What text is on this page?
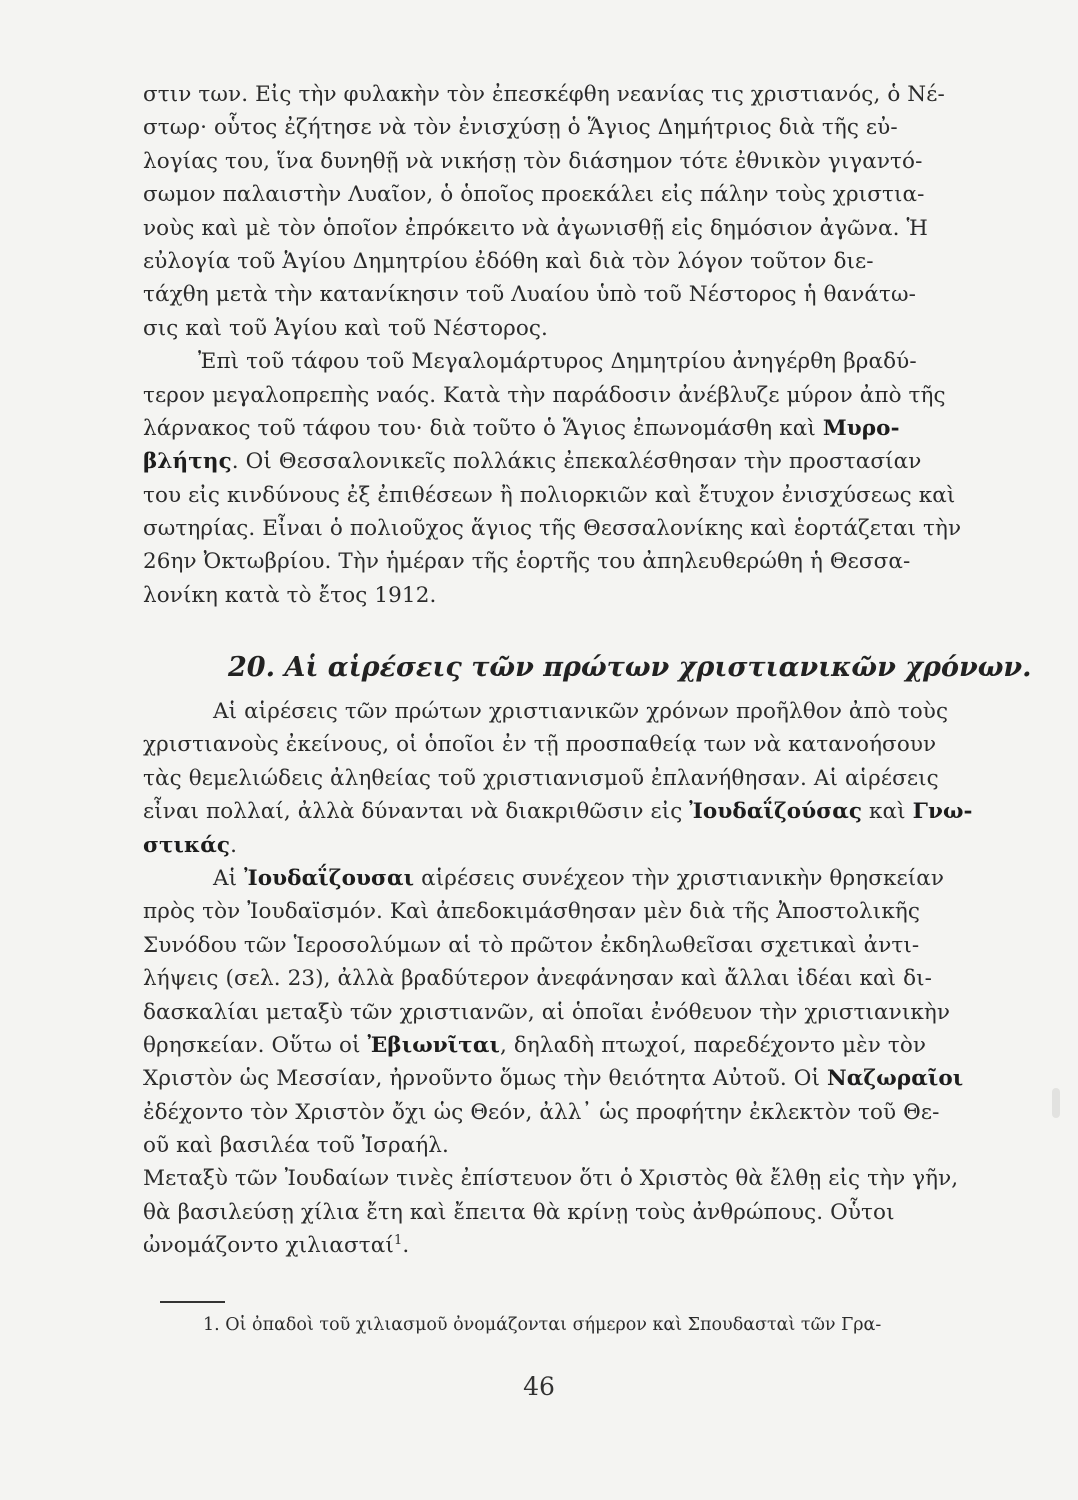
στιν των. Εἰς τὴν φυλακὴν τὸν ἐπεσκέφθη νεανίας τις χριστιανός, ὁ Νέ-
στωρ· οὗτος ἐζήτησε νὰ τὸν ἐνισχύσῃ ὁ Ἅγιος Δημήτριος διὰ τῆς εὐ-
λογίας του, ἵνα δυνηθῇ νὰ νικήσῃ τὸν διάσημον τότε ἐθνικὸν γιγαντό-
σωμον παλαιστὴν Λυαῖον, ὁ ὁποῖος προεκάλει εἰς πάλην τοὺς χριστια-
νοὺς καὶ μὲ τὸν ὁποῖον ἐπρόκειτο νὰ ἀγωνισθῇ εἰς δημόσιον ἀγῶνα. Ἡ
εὐλογία τοῦ Ἁγίου Δημητρίου ἐδόθη καὶ διὰ τὸν λόγον τοῦτον διε-
τάχθη μετὰ τὴν κατανίκησιν τοῦ Λυαίου ὑπὸ τοῦ Νέστορος ἡ θανάτω-
σις καὶ τοῦ Ἁγίου καὶ τοῦ Νέστορος.
Ἐπὶ τοῦ τάφου τοῦ Μεγαλομάρτυρος Δημητρίου ἀνηγέρθη βραδύ-
τερον μεγαλοπρεπὴς ναός. Κατὰ τὴν παράδοσιν ἀνέβλυζε μύρον ἀπὸ τῆς
λάρνακος τοῦ τάφου του· διὰ τοῦτο ὁ Ἅγιος ἐπωνομάσθη καὶ Μυρο-
βλήτης. Οἱ Θεσσαλονικεῖς πολλάκις ἐπεκαλέσθησαν τὴν προστασίαν
του εἰς κινδύνους ἐξ ἐπιθέσεων ἢ πολιορκιῶν καὶ ἔτυχον ἐνισχύσεως καὶ
σωτηρίας. Εἶναι ὁ πολιοῦχος ἅγιος τῆς Θεσσαλονίκης καὶ ἑορτάζεται τὴν
26ην Ὀκτωβρίου. Τὴν ἡμέραν τῆς ἑορτῆς του ἀπηλευθερώθη ἡ Θεσσα-
λονίκη κατὰ τὸ ἔτος 1912.
20. Αἱ αἱρέσεις τῶν πρώτων χριστιανικῶν χρόνων.
Αἱ αἱρέσεις τῶν πρώτων χριστιανικῶν χρόνων προῆλθον ἀπὸ τοὺς
χριστιανοὺς ἐκείνους, οἱ ὁποῖοι ἐν τῇ προσπαθείᾳ των νὰ κατανοήσουν
τὰς θεμελιώδεις ἀληθείας τοῦ χριστιανισμοῦ ἐπλανήθησαν. Αἱ αἱρέσεις
εἶναι πολλαί, ἀλλὰ δύνανται νὰ διακριθῶσιν εἰς Ἰουδαΐζούσας καὶ Γνω-
στικάς.
Αἱ Ἰουδαΐζουσαι αἱρέσεις συνέχεον τὴν χριστιανικὴν θρησκείαν
πρὸς τὸν Ἰουδαϊσμόν. Καὶ ἀπεδοκιμάσθησαν μὲν διὰ τῆς Ἀποστολικῆς
Συνόδου τῶν Ἱεροσολύμων αἱ τὸ πρῶτον ἐκδηλωθεῖσαι σχετικαὶ ἀντι-
λήψεις (σελ. 23), ἀλλὰ βραδύτερον ἀνεφάνησαν καὶ ἄλλαι ἰδέαι καὶ δι-
δασκαλίαι μεταξὺ τῶν χριστιανῶν, αἱ ὁποῖαι ἐνόθευον τὴν χριστιανικὴν
θρησκείαν. Οὕτω οἱ Ἐβιωνῖται, δηλαδὴ πτωχοί, παρεδέχοντο μὲν τὸν
Χριστὸν ὡς Μεσσίαν, ἠρνοῦντο ὅμως τὴν θειότητα Αὐτοῦ. Οἱ Ναζωραῖοι
ἐδέχοντο τὸν Χριστὸν ὄχι ὡς Θεόν, ἀλλ᾽ ὡς προφήτην ἐκλεκτὸν τοῦ Θε-
οῦ καὶ βασιλέα τοῦ Ἰσραήλ.
Μεταξὺ τῶν Ἰουδαίων τινὲς ἐπίστευον ὅτι ὁ Χριστὸς θὰ ἔλθῃ εἰς τὴν γῆν,
θὰ βασιλεύσῃ χίλια ἔτη καὶ ἔπειτα θὰ κρίνῃ τοὺς ἀνθρώπους. Οὗτοι
ὠνομάζοντο χιλιασταί$^1$.
1. Οἱ ὀπαδοὶ τοῦ χιλιασμοῦ ὀνομάζονται σήμερον καὶ Σπουδασταὶ τῶν Γρα-
46
